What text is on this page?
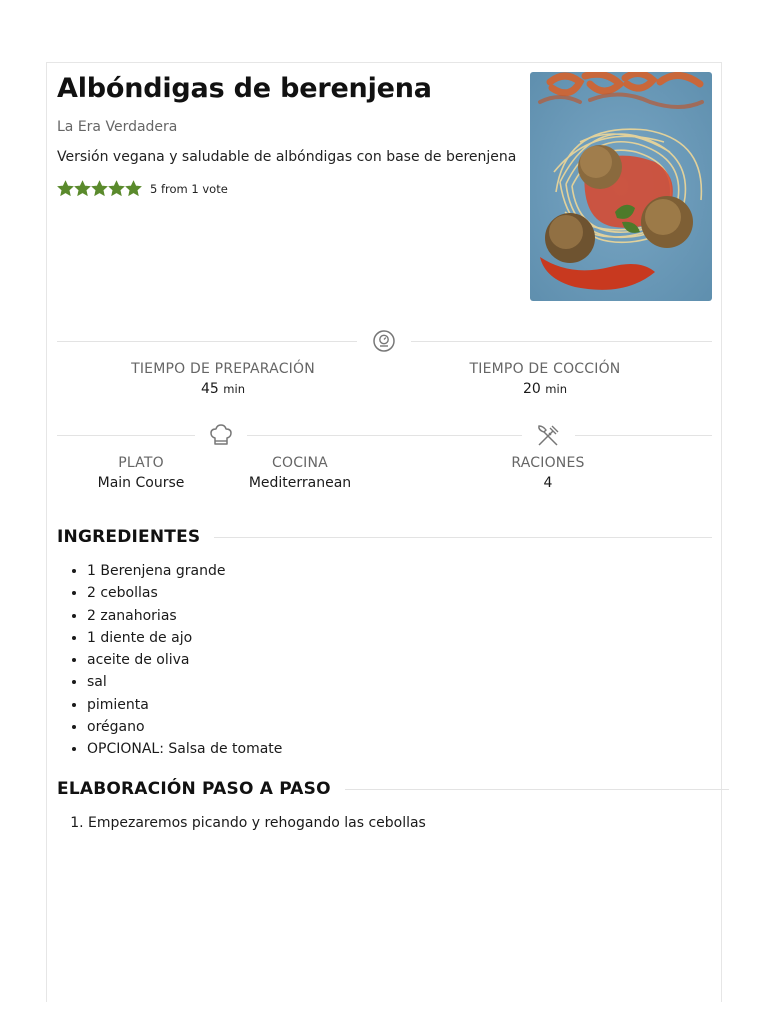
Albóndigas de berenjena
La Era Verdadera
Versión vegana y saludable de albóndigas con base de berenjena
5 from 1 vote
TIEMPO DE PREPARACIÓN
45 min
TIEMPO DE COCCIÓN
20 min
PLATO
Main Course
COCINA
Mediterranean
RACIONES
4
INGREDIENTES
• 1 Berenjena grande
• 2 cebollas
• 2 zanahorias
• 1 diente de ajo
• aceite de oliva
• sal
• pimienta
• orégano
• OPCIONAL: Salsa de tomate
ELABORACIÓN PASO A PASO
1. Empezaremos picando y rehogando las cebollas
